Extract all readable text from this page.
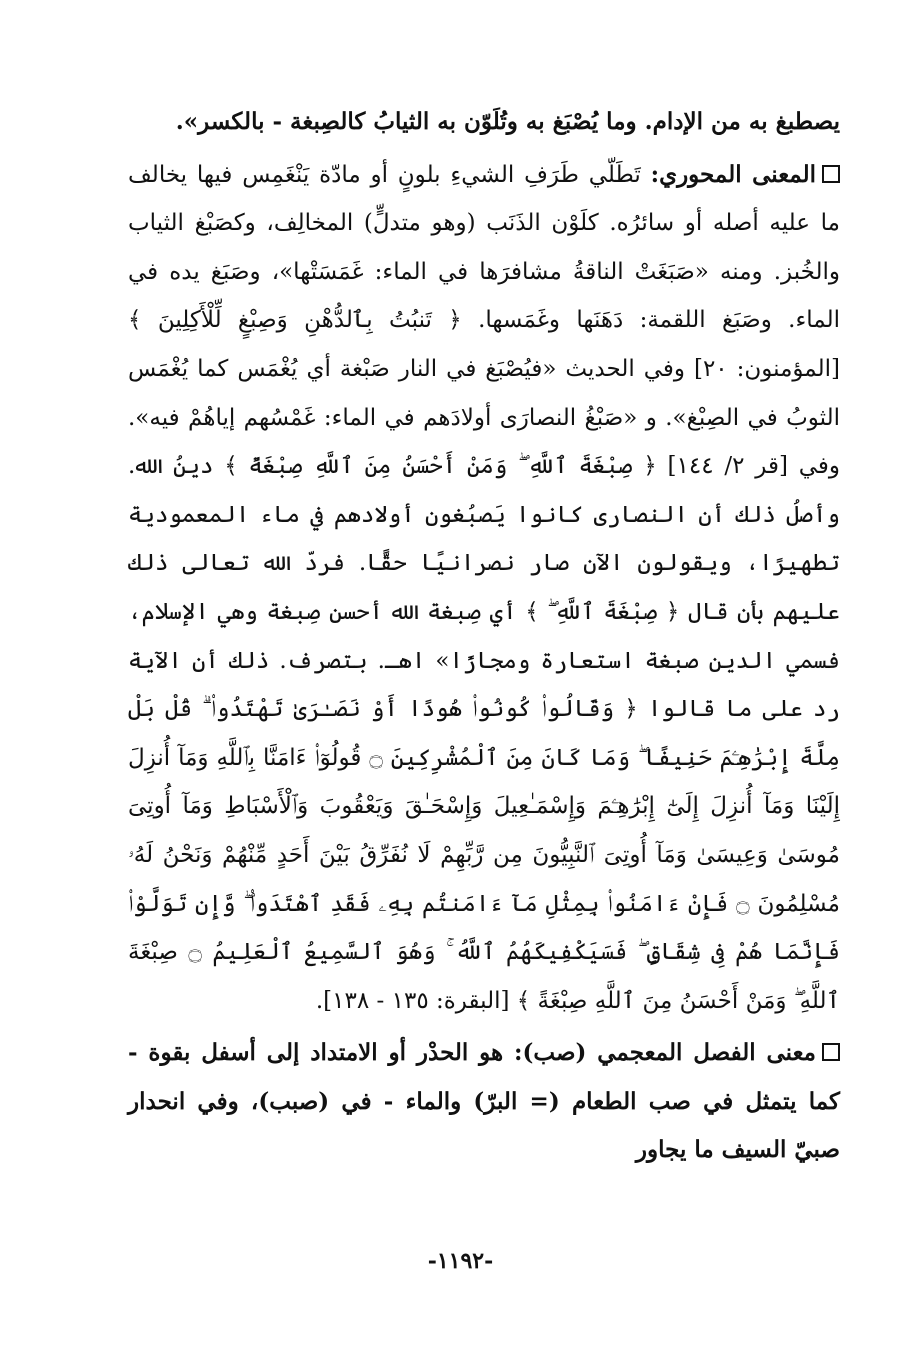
يصطبغ به من الإدام. وما يُصْبَغ به وتُلَوّن به الثيابُ كالصِبغة - بالكسر».

المعنى المحوري: تَطَلّي طَرَفِ الشيءِ بلونٍ أو مادّة يَنْغَمِس فيها يخالف ما عليه أصله أو سائرُه. كلَوْن الذَنَب (وهو متدلٍّ) المخالِف، وكصَبْغ الثياب والخُبز. ومنه «صَبَغَتْ الناقةُ مشافرَها في الماء: غَمَسَتْها»، وصَبَغ يده في الماء. وصَبَغ اللقمة: دَهَنَها وغَمَسها. ﴿ تَنبُتُ بِٱلدُّهْنِ وَصِبْغٍ لِّلْأَكِلِينَ ﴾ [المؤمنون: ٢٠] وفي الحديث «فيُصْبَغ في النار صَبْغة أي يُغْمَس كما يُغْمَس الثوبُ في الصِبْغ». و «صَبْغُ النصارَى أولادَهم في الماء: غَمْسُهم إياهُمْ فيه». وفي [قر ٢/ ١٤٤] ﴿ صِبْغَةَ ٱللَّهِ ۖ وَمَنْ أَحْسَنُ مِنَ ٱللَّهِ صِبْغَةً ﴾ دينُ الله. وأصلُ ذلك أن النصارى كانوا يَصبُغون أولادهم في ماء المعمودية تطهيرًا، ويقولون الآن صار نصرانيًا حقًّا. فردّ الله تعالى ذلك عليهم بأن قال ﴿ صِبْغَةَ ٱللَّهِ ۖ ﴾ أي صِبغة الله أحسن صِبغة وهي الإسلام، فسمي الدين صبغة استعارة ومجازًا» اهـ. بتصرف. ذلك أن الآية رد على ما قالوا ﴿ وَقَالُوا۟ كُونُوا۟ هُودًا أَوْ نَصَـٰرَىٰ تَهْتَدُوا۟ ۗ قُلْ بَلْ مِلَّةَ إِبْرَٰهِـۧمَ حَنِيفًا ۖ وَمَا كَانَ مِنَ ٱلْمُشْرِكِينَ ۝ قُولُوٓا۟ ءَامَنَّا بِٱللَّهِ وَمَآ أُنزِلَ إِلَيْنَا وَمَآ أُنزِلَ إِلَىٰٓ إِبْرَٰهِـۧمَ وَإِسْمَـٰعِيلَ وَإِسْحَـٰقَ وَيَعْقُوبَ وَٱلْأَسْبَاطِ وَمَآ أُوتِىَ مُوسَىٰ وَعِيسَىٰ وَمَآ أُوتِىَ ٱلنَّبِيُّونَ مِن رَّبِّهِمْ لَا نُفَرِّقُ بَيْنَ أَحَدٍ مِّنْهُمْ وَنَحْنُ لَهُۥ مُسْلِمُونَ ۝ فَإِنْ ءَامَنُوا۟ بِمِثْلِ مَآ ءَامَنتُم بِهِۦ فَقَدِ ٱهْتَدَوا۟ ۖ وَّإِن تَوَلَّوْا۟ فَإِنَّمَا هُمْ فِى شِقَاقٍ ۖ فَسَيَكْفِيكَهُمُ ٱللَّهُ ۚ وَهُوَ ٱلسَّمِيعُ ٱلْعَلِيمُ ۝ صِبْغَةَ ٱللَّهِ ۖ وَمَنْ أَحْسَنُ مِنَ ٱللَّهِ صِبْغَةً ﴾ [البقرة: ١٣٥ - ١٣٨].

معنى الفصل المعجمي (صب): هو الحدْر أو الامتداد إلى أسفل بقوة - كما يتمثل في صب الطعام (= البرّ) والماء - في (صبب)، وفي انحدار صبيّ السيف ما يجاور

-١١٩٢-
